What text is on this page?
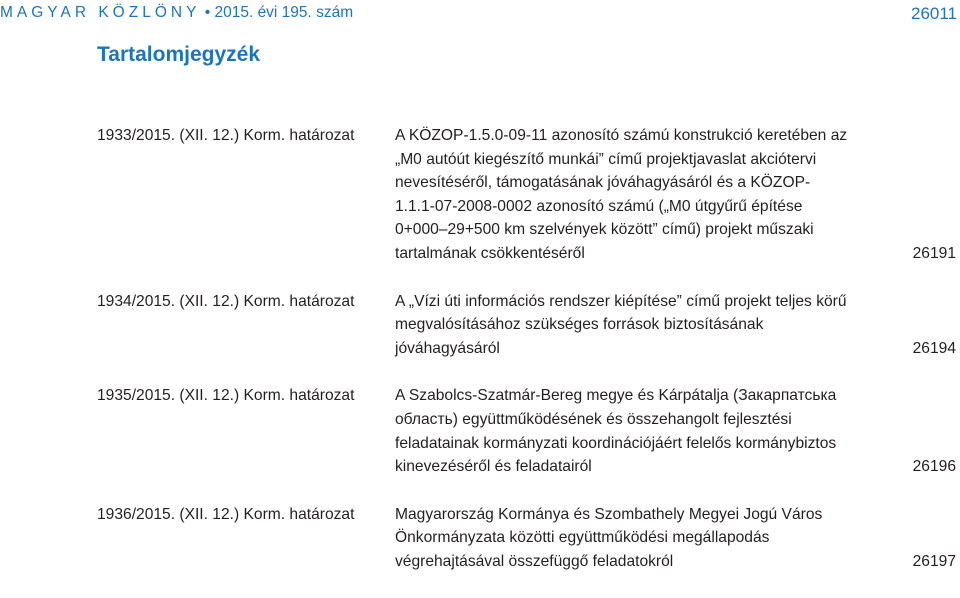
MAGYAR KÖZLÖNY • 2015. évi 195. szám	26011
Tartalomjegyzék
1933/2015. (XII. 12.) Korm. határozat	A KÖZOP-1.5.0-09-11 azonosító számú konstrukció keretében az „M0 autóút kiegészítő munkái” című projektjavaslat akciótervi nevesítéséről, támogatásának jóváhagyásáról és a KÖZOP-1.1.1-07-2008-0002 azonosító számú („M0 útgyűrű építése 0+000–29+500 km szelvények között” című) projekt műszaki tartalmának csökkentéséről	26191
1934/2015. (XII. 12.) Korm. határozat	A „Vízi úti információs rendszer kiépítése” című projekt teljes körű megvalósításához szükséges források biztosításának jóváhagyásáról	26194
1935/2015. (XII. 12.) Korm. határozat	A Szabolcs-Szatmár-Bereg megye és Kárpátalja (Закарпатська область) együttműködésének és összehangolt fejlesztési feladatainak kormányzati koordinációjáért felelős kormánybiztos kinevezéséről és feladatairól	26196
1936/2015. (XII. 12.) Korm. határozat	Magyarország Kormánya és Szombathely Megyei Jogú Város Önkormányzata közötti együttműködési megállapodás végrehajtásával összefüggő feladatokról	26197
